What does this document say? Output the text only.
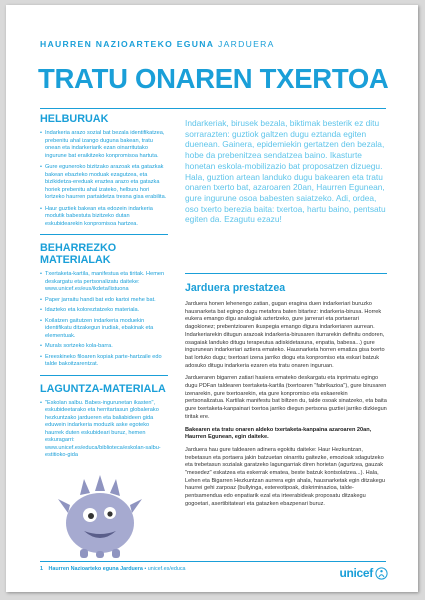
HAURREN NAZIOARTEKO EGUNA JARDUERA
TRATU ONAREN TXERTOA
HELBURUAK
• Indarkeria arazo sozial bat bezala identifikatzea, prebenitu ahal izango duguna bakean, tratu onean eta indarkeriarik ezan oinarritutako ingurune bat eraikitzeko konpromisoa hartuta.
• Gure eguneroko bizitzako arazoak eta gatazkak bakean ebazteko moduak ezagutzea, eta bizikidetza-ereduak eraztea arazo eta gatazka horiek prebenitu ahal izateko, helburu hori lortzeko haurren partaidetza tresna gisa erabilita.
• Haur guztiek bakean eta edozein indarkeria modutik babestuta bizitzeko dutan eskubidearekin konpromisoa hartzea.
BEHARREZKO MATERIALAK
• Txertaketa-kartila, manifestua eta tiritak. Hemen deskargatu eta pertsonalizatu daiteke: www.unicef.es/eus/ikdeta/listuona
• Paper jarraitu handi bat edo kartoi mehe bat.
• Idazteko eta koloreztatzeko materiala.
• Koilatzen gaitutzen indarkeria moduekin identifikatu ditzakegun irudiak, ebakinak eta elementuak.
• Murals sortzeko kola-barra.
• Ereeskineko filoaren kopiak parte-hartzaile edo talde bakoitzarentzat.
LAGUNTZA-MATERIALA
• "Eskolan salbu. Babes-ingurunetan ikasten", eskubideetarako eta herritartasun globalerako hezkuntzako jardueren eta baliabideen gida eduwein indarkeria moduzik aske egoteko haurrek duten eskubideari buruz, hemen eskuragarri: www.unicef.es/educa/biblioteca/eskolan-salbu-estitioko-gida

Indarkeriak, birusek bezala, biktimak besterik ez ditu sorrarazten: guztiok galtzen dugu eztanda egiten duenean. Gainera, epidemiekin gertatzen den bezala, hobe da prebenitzea sendatzea baino. Ikasturte honetan eskola-mobilizazio bat proposatzen dizuegu. Hala, guztion artean landuko dugu bakearen eta tratu onaren txerto bat, azaroaren 20an, Haurren Egunean, gure ingurune osoa babesten saiatzeko. Adi, ordea, oso txerto berezia baita: txertoa, hartu baino, pentsatu egiten da. Ezagutu ezazu!

Jarduera prestatzea

Jarduera honen lehenengo zatian, gugan eragina duen indarkeriari buruzko hausnarketa bat egingo dugu metafora baten bitartez: indarkeria-birusa. Horrek eukera emango digu analogiak aztertzeko, gure jarrerari eta portaerari dagokionez; prebentzioaren ikuspegia emango digura indarkeriaren aurrean. Indarkeriarekin ditugun arazoak indarkeria-birusaren iturrarekin definitu ondoren, osagaiak landuko ditugu terapeutua adiskidetasuna, enpatia, babesa...) gure ingurunean indarkeriari aztiera emateko. Hausnarketa horren ematiza gisa txerto bat lortuko dugu; txertoari izena jarriko diogu eta konpromiso eta eskari batzuk adosuko ditugu indarkeria ezaren eta tratu onaren inguruan.

Jardueraren bigarren zatiari hasiera emateko deskargatu eta inprimatu egingo dugu PDFan taldearen txertaketa-kartila (txertoaren "fabrikazioa"), gure birusaren izenarekin, gure txertoarekin, eta gure konpromiso eta eskaerekin pertsonalizatua. Kartilak manifestu bat biltzen du, talde osoak sinatzeko, eta baita gure txertaketa-kanpainari txertoa jarriko diegun pertsona guztiei jarriko dizkiegun tiritak ere.

Bakearen eta tratu onaren aldeko txertaketa-kanpaina azaroaren 20an, Haurren Egunean, egin daiteke.

Jarduera hau gure taldearen adinera egokitu daiteke: Haur Hezkuntzan, trebetasun eta portaera jakin batzuetan oinarritu gaitezke, emozioak sdagutzeko eta trebetasun sozialak garatzeko lagungarriak diren horietan (agurtzea, gauzak "mesedez" eskatzea eta eskerrak ematea, beste batzuk kontsolatzea...). Hala, Lehen eta Bigarren Hezkuntzan aurrera egin ahala, hausnarketak egin ditzakegu haurrei gehi zarpoaz (bullyinga, estereotipoak, diskriminazioa, talde-pentsamendua edo enpatiarik ezal eta irteerabideak proposatu ditzakegu gogoetari, asertibitateari eta gatazken ebazpenari buruz.

1 Haurren Nazioarteko eguna Jarduera • unicef.es/educa	unicef
